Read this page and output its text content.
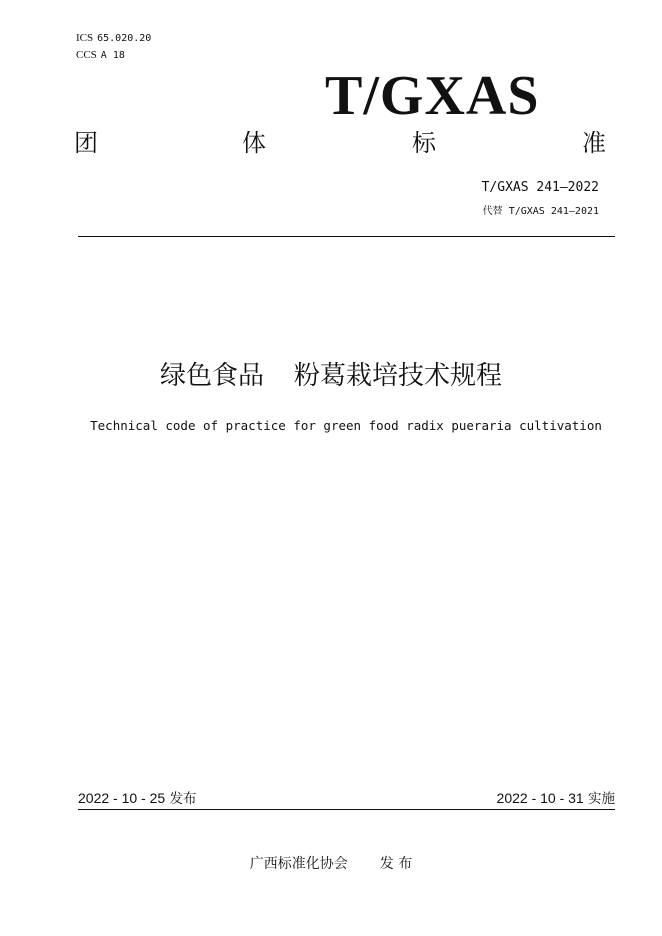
ICS 65.020.20
CCS A 18
T/GXAS
团	体	标	准
T/GXAS 241—2022
代替 T/GXAS 241—2021
绿色食品 粉葛栽培技术规程
Technical code of practice for green food radix pueraria cultivation
2022 - 10 - 25 发布	2022 - 10 - 31 实施
广西标准化协会 发 布
